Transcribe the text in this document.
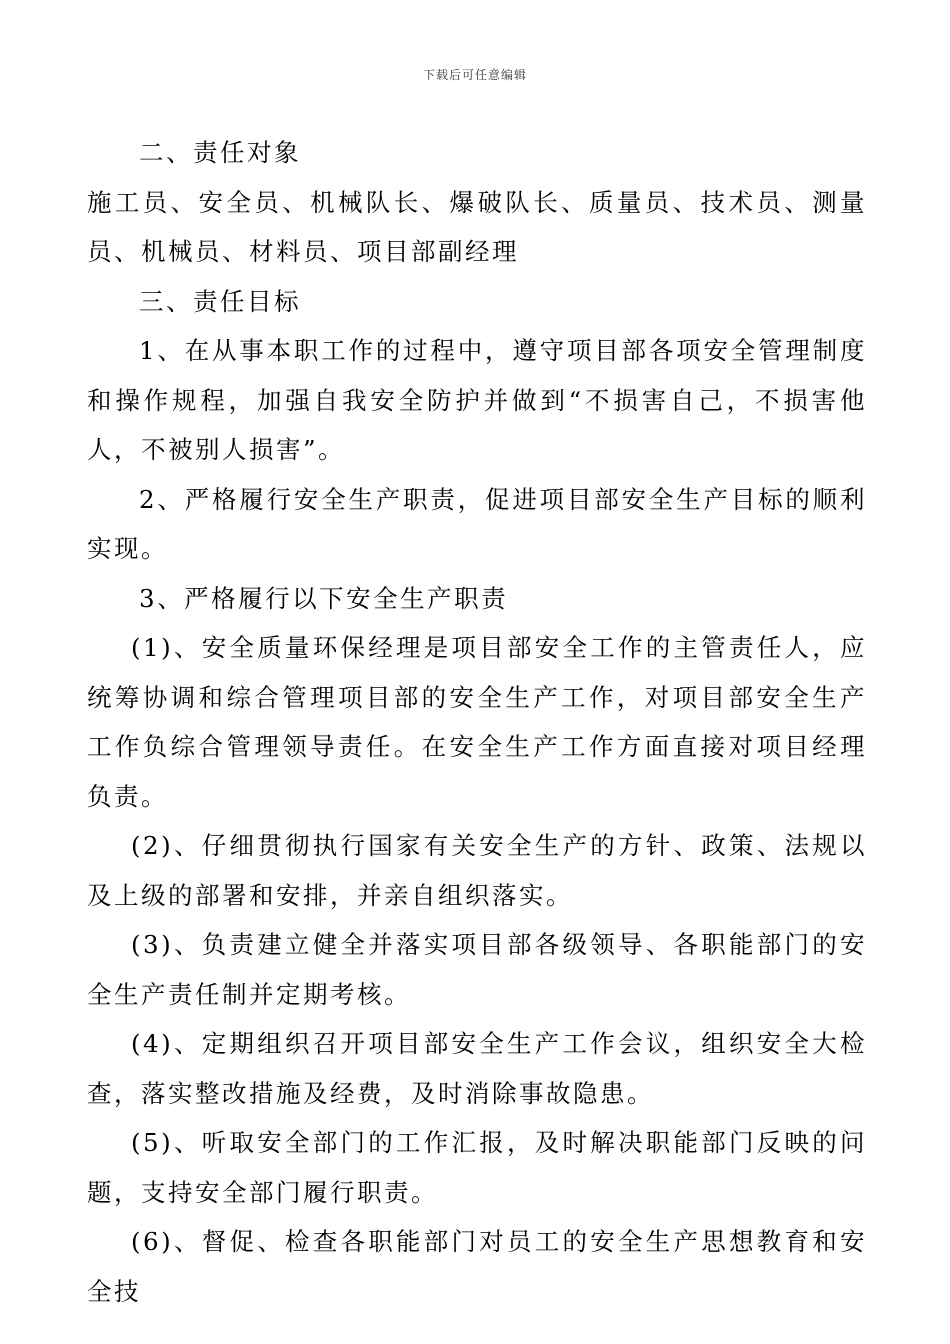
下载后可任意编辑

二、责任对象

施工员、安全员、机械队长、爆破队长、质量员、技术员、测量员、机械员、材料员、项目部副经理

三、责任目标

1、在从事本职工作的过程中，遵守项目部各项安全管理制度和操作规程，加强自我安全防护并做到“不损害自己，不损害他人，不被别人损害”。

2、严格履行安全生产职责，促进项目部安全生产目标的顺利实现。

3、严格履行以下安全生产职责

(1)、安全质量环保经理是项目部安全工作的主管责任人，应统筹协调和综合管理项目部的安全生产工作，对项目部安全生产工作负综合管理领导责任。在安全生产工作方面直接对项目经理负责。

(2)、仔细贯彻执行国家有关安全生产的方针、政策、法规以及上级的部署和安排，并亲自组织落实。

(3)、负责建立健全并落实项目部各级领导、各职能部门的安全生产责任制并定期考核。

(4)、定期组织召开项目部安全生产工作会议，组织安全大检查，落实整改措施及经费，及时消除事故隐患。

(5)、听取安全部门的工作汇报，及时解决职能部门反映的问题，支持安全部门履行职责。

(6)、督促、检查各职能部门对员工的安全生产思想教育和安全技
